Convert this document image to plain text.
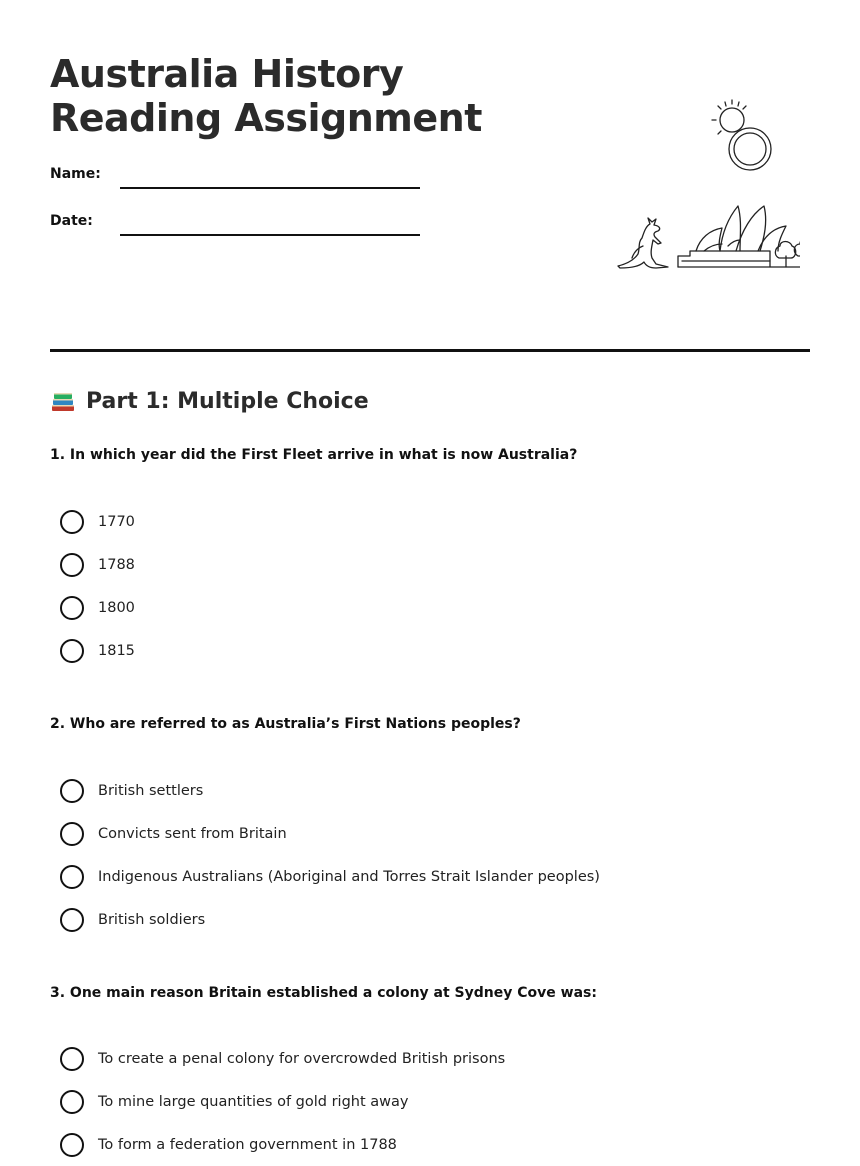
Australia History
Reading Assignment
Name:
Date:
Part 1: Multiple Choice

1. In which year did the First Fleet arrive in what is now Australia?

1770
1788
1800
1815

2. Who are referred to as Australia’s First Nations peoples?

British settlers
Convicts sent from Britain
Indigenous Australians (Aboriginal and Torres Strait Islander peoples)
British soldiers

3. One main reason Britain established a colony at Sydney Cove was:

To create a penal colony for overcrowded British prisons
To mine large quantities of gold right away
To form a federation government in 1788
